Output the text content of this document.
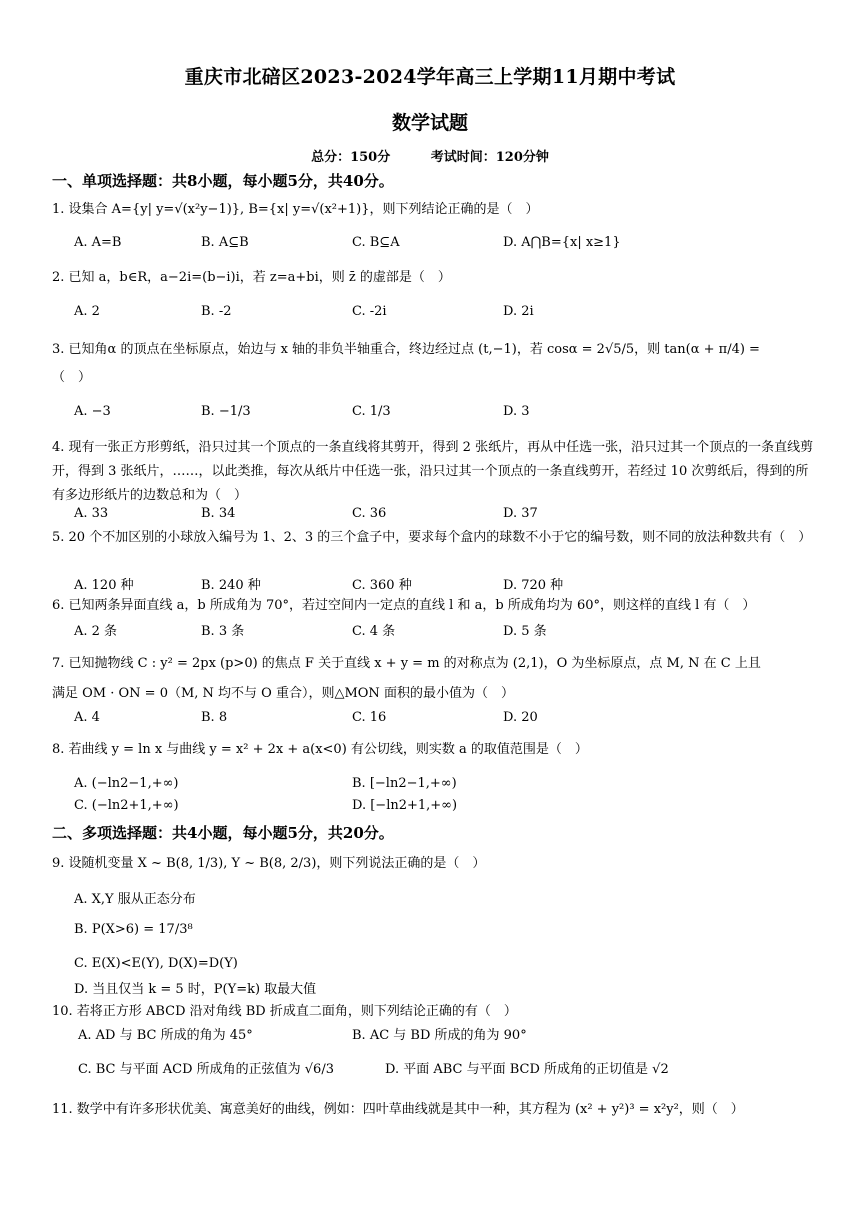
重庆市北碚区2023-2024学年高三上学期11月期中考试
数学试题
总分：150分	考试时间：120分钟
一、单项选择题：共8小题，每小题5分，共40分。
1. 设集合 A={y| y=√(x²y−1)}, B={x| y=√(x²+1)}，则下列结论正确的是（　）
A. A=B	B. A⊆B	C. B⊆A	D. A⋂B={x| x≥1}
2. 已知 a，b∈R，a−2i=(b−i)i，若 z=a+bi，则 z̄ 的虚部是（　）
A. 2	B. -2	C. -2i	D. 2i
3. 已知角α 的顶点在坐标原点，始边与 x 轴的非负半轴重合，终边经过点 (t,−1)，若 cosα = 2√5/5，则 tan(α + π/4) =
（　）
A. −3	B. −1/3	C. 1/3	D. 3
4. 现有一张正方形剪纸，沿只过其一个顶点的一条直线将其剪开，得到 2 张纸片，再从中任选一张，沿只过其一个顶点的一条直线剪开，得到 3 张纸片，……，以此类推，每次从纸片中任选一张，沿只过其一个顶点的一条直线剪开，若经过 10 次剪纸后，得到的所有多边形纸片的边数总和为（　）
A. 33	B. 34	C. 36	D. 37
5. 20 个不加区别的小球放入编号为 1、2、3 的三个盒子中，要求每个盒内的球数不小于它的编号数，则不同的放法种数共有（　）
A. 120 种	B. 240 种	C. 360 种	D. 720 种
6. 已知两条异面直线 a，b 所成角为 70°，若过空间内一定点的直线 l 和 a，b 所成角均为 60°，则这样的直线 l 有（　）
A. 2 条	B. 3 条	C. 4 条	D. 5 条
7. 已知抛物线 C : y² = 2px (p>0) 的焦点 F 关于直线 x + y = m 的对称点为 (2,1)，O 为坐标原点，点 M, N 在 C 上且
满足 OM · ON = 0（M, N 均不与 O 重合），则△MON 面积的最小值为（　）
A. 4	B. 8	C. 16	D. 20
8. 若曲线 y = ln x 与曲线 y = x² + 2x + a(x<0) 有公切线，则实数 a 的取值范围是（　）
A. (−ln2−1,+∞)	B. [−ln2−1,+∞)
C. (−ln2+1,+∞)	D. [−ln2+1,+∞)
二、多项选择题：共4小题，每小题5分，共20分。
9. 设随机变量 X ~ B(8, 1/3), Y ~ B(8, 2/3)，则下列说法正确的是（　）
A. X,Y 服从正态分布
B. P(X>6) = 17/3⁸
C. E(X)<E(Y), D(X)=D(Y)
D. 当且仅当 k = 5 时，P(Y=k) 取最大值
10. 若将正方形 ABCD 沿对角线 BD 折成直二面角，则下列结论正确的有（　）
A. AD 与 BC 所成的角为 45°	B. AC 与 BD 所成的角为 90°
C. BC 与平面 ACD 所成角的正弦值为 √6/3	D. 平面 ABC 与平面 BCD 所成角的正切值是 √2
11. 数学中有许多形状优美、寓意美好的曲线，例如：四叶草曲线就是其中一种，其方程为 (x² + y²)³ = x²y²，则（　）
